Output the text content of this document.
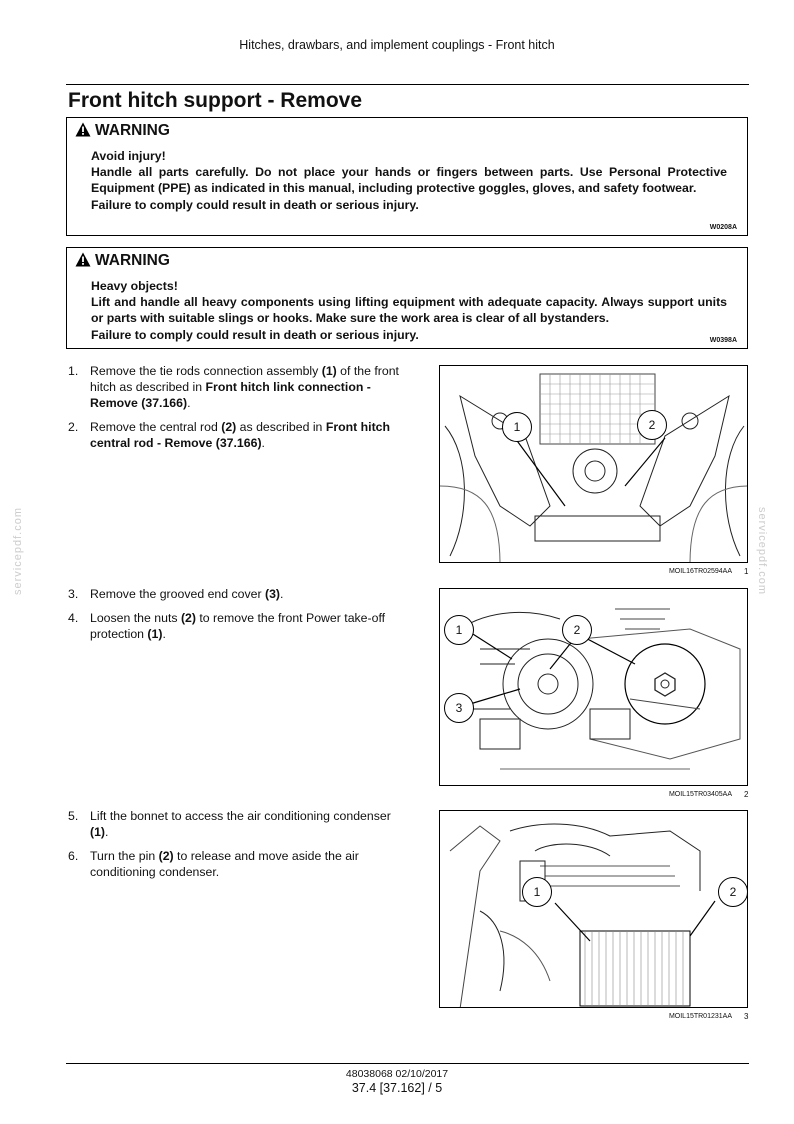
Hitches, drawbars, and implement couplings - Front hitch
Front hitch support - Remove
WARNING
Avoid injury!
Handle all parts carefully. Do not place your hands or fingers between parts. Use Personal Protective Equipment (PPE) as indicated in this manual, including protective goggles, gloves, and safety footwear.
Failure to comply could result in death or serious injury.
W0208A
WARNING
Heavy objects!
Lift and handle all heavy components using lifting equipment with adequate capacity. Always support units or parts with suitable slings or hooks. Make sure the work area is clear of all bystanders.
Failure to comply could result in death or serious injury.	W0398A
1. Remove the tie rods connection assembly (1) of the front hitch as described in Front hitch link connection - Remove (37.166).
2. Remove the central rod (2) as described in Front hitch central rod - Remove (37.166).
3. Remove the grooved end cover (3).
4. Loosen the nuts (2) to remove the front Power take-off protection (1).
5. Lift the bonnet to access the air conditioning condenser (1).
6. Turn the pin (2) to release and move aside the air conditioning condenser.
1	2
MOIL16TR02594AA 1
1	2
3
MOIL15TR03405AA 2
1	2
MOIL15TR01231AA 3
servicepdf.com	servicepdf.com
48038068 02/10/2017
37.4 [37.162] / 5
